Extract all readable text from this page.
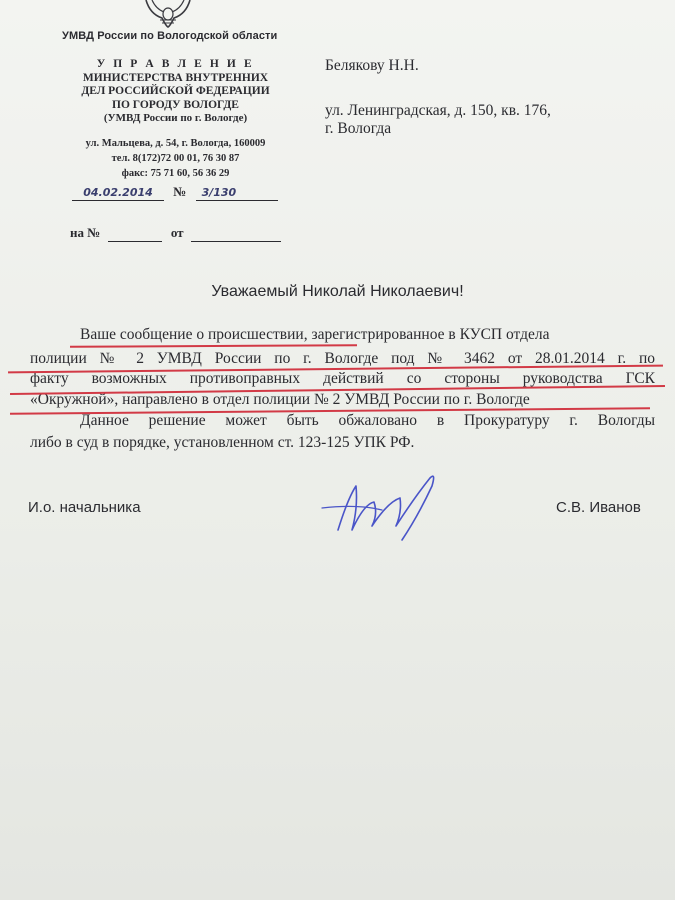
УМВД России по Вологодской области
У П Р А В Л Е Н И Е
МИНИСТЕРСТВА ВНУТРЕННИХ
ДЕЛ РОССИЙСКОЙ ФЕДЕРАЦИИ
ПО ГОРОДУ ВОЛОГДЕ
(УМВД России по г. Вологде)
ул. Мальцева, д. 54, г. Вологда, 160009
тел. 8(172)72 00 01, 76 30 87
факс: 75 71 60, 56 36 29
04.02.2014 № 3/130
на №	от
Белякову Н.Н.
ул. Ленинградская, д. 150, кв. 176,
г. Вологда
Уважаемый Николай Николаевич!
Ваше сообщение о происшествии, зарегистрированное в КУСП отдела
полиции № 2 УМВД России по г. Вологде под № 3462 от 28.01.2014 г. по
факту возможных противоправных действий со стороны руководства ГСК
«Окружной», направлено в отдел полиции № 2 УМВД России по г. Вологде
Данное решение может быть обжаловано в Прокуратуру г. Вологды
либо в суд в порядке, установленном ст. 123-125 УПК РФ.
И.о. начальника	С.В. Иванов
